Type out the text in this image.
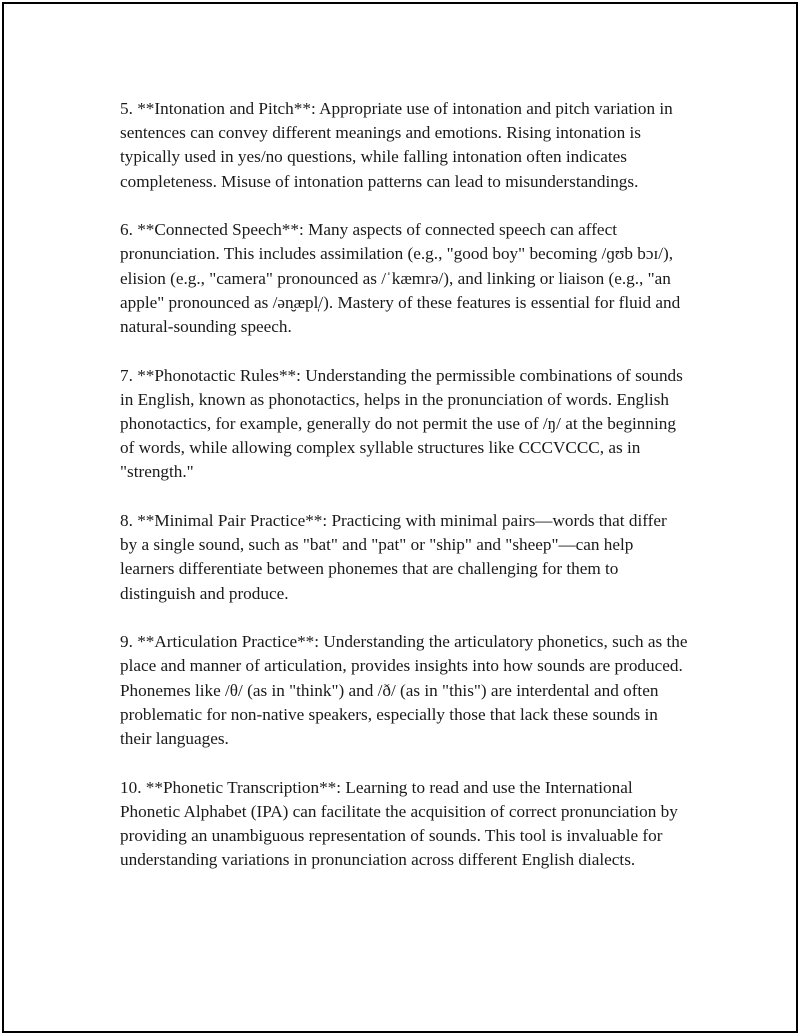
5. **Intonation and Pitch**: Appropriate use of intonation and pitch variation in sentences can convey different meanings and emotions. Rising intonation is typically used in yes/no questions, while falling intonation often indicates completeness. Misuse of intonation patterns can lead to misunderstandings.

6. **Connected Speech**: Many aspects of connected speech can affect pronunciation. This includes assimilation (e.g., "good boy" becoming /ɡʊb bɔɪ/), elision (e.g., "camera" pronounced as /ˈkæmrə/), and linking or liaison (e.g., "an apple" pronounced as /ən̮æpl̩/). Mastery of these features is essential for fluid and natural-sounding speech.

7. **Phonotactic Rules**: Understanding the permissible combinations of sounds in English, known as phonotactics, helps in the pronunciation of words. English phonotactics, for example, generally do not permit the use of /ŋ/ at the beginning of words, while allowing complex syllable structures like CCCVCCC, as in "strength."

8. **Minimal Pair Practice**: Practicing with minimal pairs—words that differ by a single sound, such as "bat" and "pat" or "ship" and "sheep"—can help learners differentiate between phonemes that are challenging for them to distinguish and produce.

9. **Articulation Practice**: Understanding the articulatory phonetics, such as the place and manner of articulation, provides insights into how sounds are produced. Phonemes like /θ/ (as in "think") and /ð/ (as in "this") are interdental and often problematic for non-native speakers, especially those that lack these sounds in their languages.

10. **Phonetic Transcription**: Learning to read and use the International Phonetic Alphabet (IPA) can facilitate the acquisition of correct pronunciation by providing an unambiguous representation of sounds. This tool is invaluable for understanding variations in pronunciation across different English dialects.
